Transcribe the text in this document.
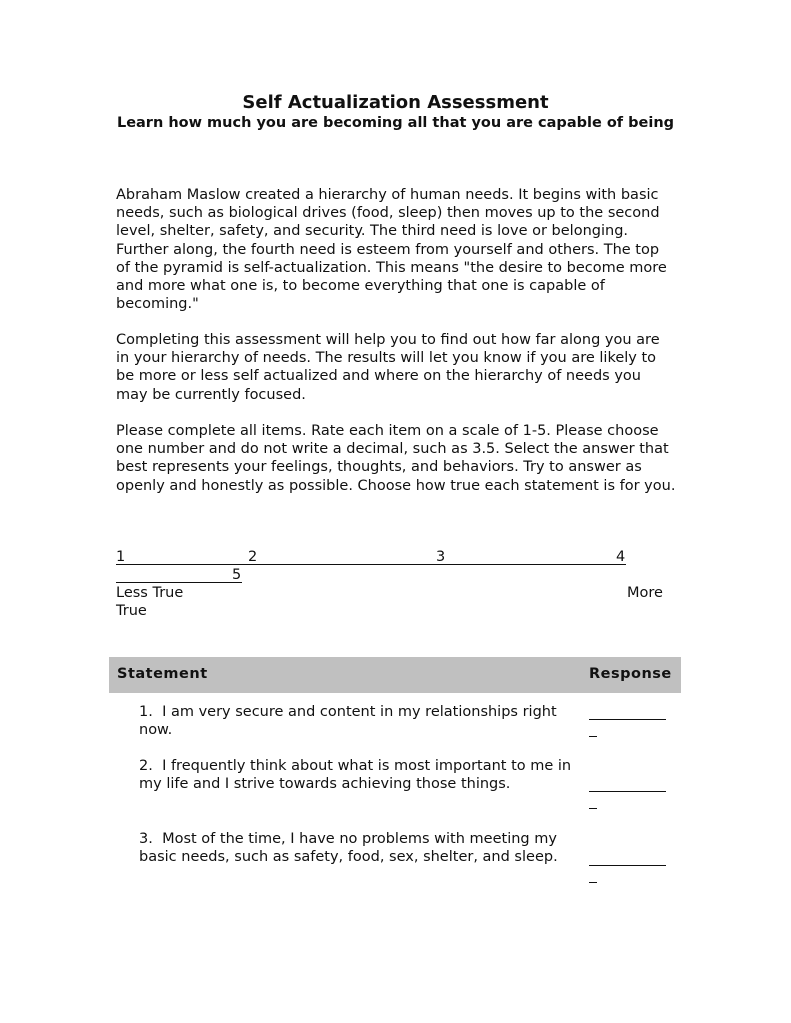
Self Actualization Assessment
Learn how much you are becoming all that you are capable of being

Abraham Maslow created a hierarchy of human needs. It begins with basic needs, such as biological drives (food, sleep) then moves up to the second level, shelter, safety, and security. The third need is love or belonging. Further along, the fourth need is esteem from yourself and others. The top of the pyramid is self-actualization. This means "the desire to become more and more what one is, to become everything that one is capable of becoming."

Completing this assessment will help you to find out how far along you are in your hierarchy of needs. The results will let you know if you are likely to be more or less self actualized and where on the hierarchy of needs you may be currently focused.

Please complete all items. Rate each item on a scale of 1-5. Please choose one number and do not write a decimal, such as 3.5. Select the answer that best represents your feelings, thoughts, and behaviors. Try to answer as openly and honestly as possible. Choose how true each statement is for you.

1	2	3	4
5
Less True	More
True
Statement	Response
1. I am very secure and content in my relationships right now.
2. I frequently think about what is most important to me in my life and I strive towards achieving those things.
3. Most of the time, I have no problems with meeting my basic needs, such as safety, food, sex, shelter, and sleep.
